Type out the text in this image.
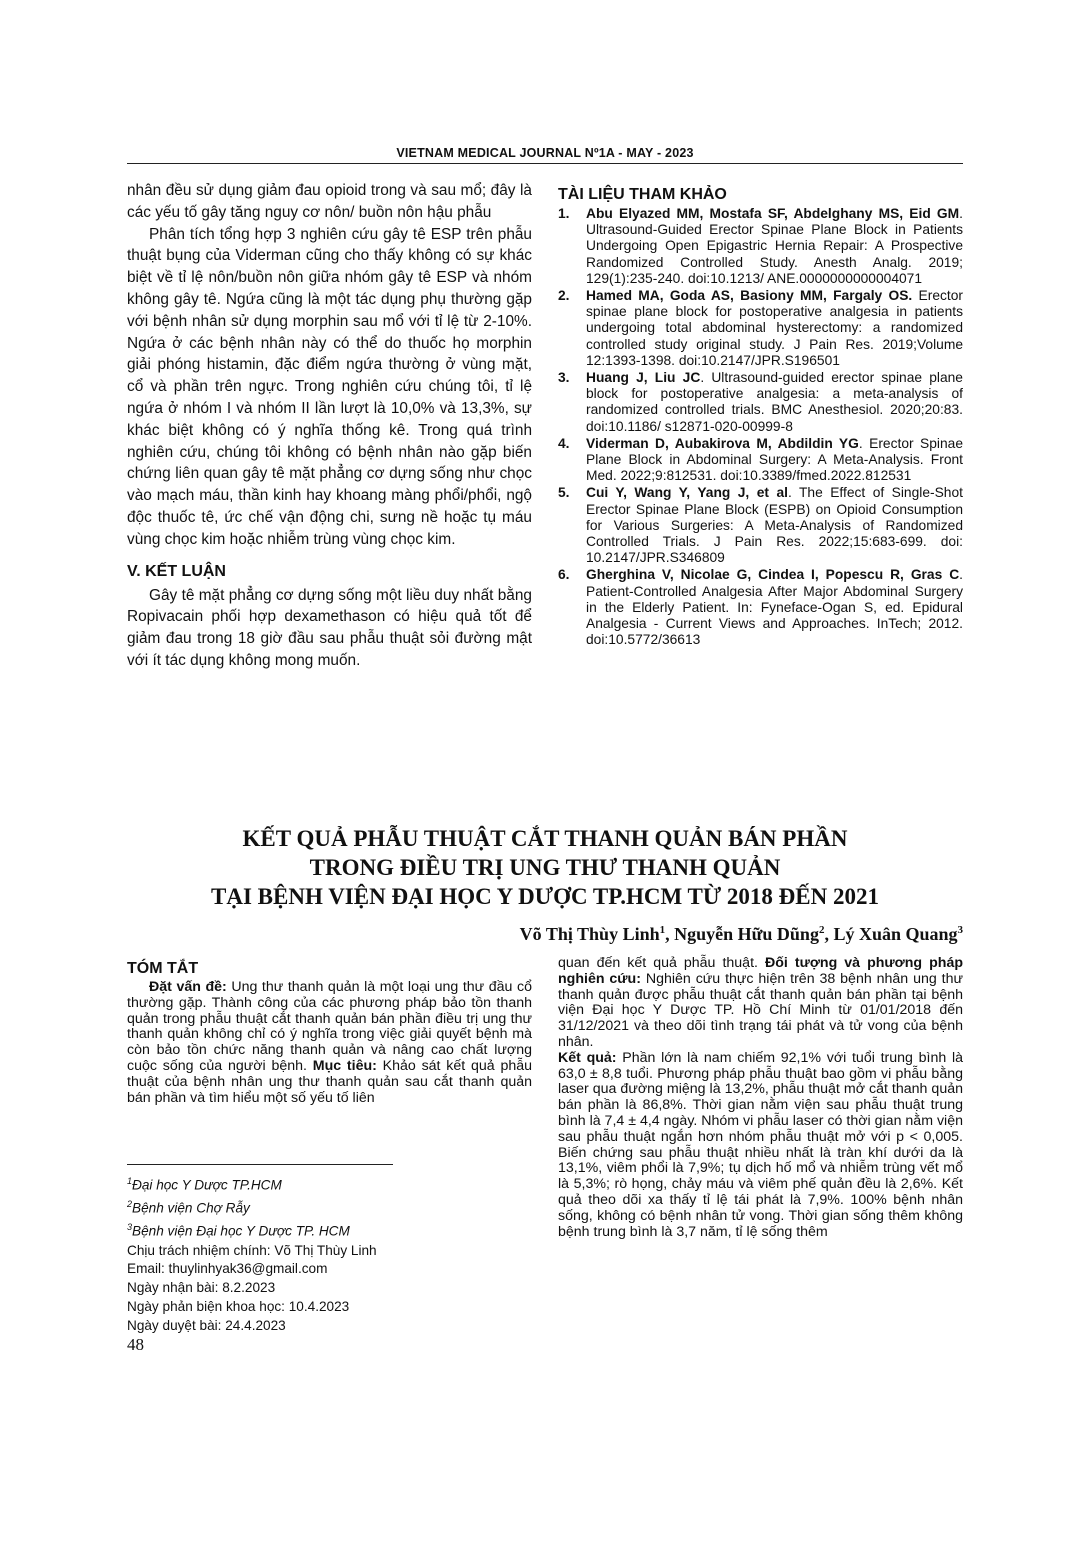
VIETNAM MEDICAL JOURNAL Nº1A - MAY - 2023

nhân đều sử dụng giảm đau opioid trong và sau mổ; đây là các yếu tố gây tăng nguy cơ nôn/ buồn nôn hậu phẫu

Phân tích tổng hợp 3 nghiên cứu gây tê ESP trên phẫu thuật bụng của Viderman cũng cho thấy không có sự khác biệt về tỉ lệ nôn/buồn nôn giữa nhóm gây tê ESP và nhóm không gây tê. Ngứa cũng là một tác dụng phụ thường gặp với bệnh nhân sử dụng morphin sau mổ với tỉ lệ từ 2-10%. Ngứa ở các bệnh nhân này có thể do thuốc họ morphin giải phóng histamin, đặc điểm ngứa thường ở vùng mặt, cổ và phần trên ngực. Trong nghiên cứu chúng tôi, tỉ lệ ngứa ở nhóm I và nhóm II lần lượt là 10,0% và 13,3%, sự khác biệt không có ý nghĩa thống kê. Trong quá trình nghiên cứu, chúng tôi không có bệnh nhân nào gặp biến chứng liên quan gây tê mặt phẳng cơ dựng sống như chọc vào mạch máu, thần kinh hay khoang màng phổi/phổi, ngộ độc thuốc tê, ức chế vận động chi, sưng nề hoặc tụ máu vùng chọc kim hoặc nhiễm trùng vùng chọc kim.

V. KẾT LUẬN

Gây tê mặt phẳng cơ dựng sống một liều duy nhất bằng Ropivacain phối hợp dexamethason có hiệu quả tốt để giảm đau trong 18 giờ đầu sau phẫu thuật sỏi đường mật với ít tác dụng không mong muốn.

TÀI LIỆU THAM KHẢO
1.	Abu Elyazed MM, Mostafa SF, Abdelghany MS, Eid GM. Ultrasound-Guided Erector Spinae Plane Block in Patients Undergoing Open Epigastric Hernia Repair: A Prospective Randomized Controlled Study. Anesth Analg. 2019; 129(1):235-240. doi:10.1213/ ANE.0000000000004071
2.	Hamed MA, Goda AS, Basiony MM, Fargaly OS. Erector spinae plane block for postoperative analgesia in patients undergoing total abdominal hysterectomy: a randomized controlled study original study. J Pain Res. 2019;Volume 12:1393-1398. doi:10.2147/JPR.S196501
3.	Huang J, Liu JC. Ultrasound-guided erector spinae plane block for postoperative analgesia: a meta-analysis of randomized controlled trials. BMC Anesthesiol. 2020;20:83. doi:10.1186/ s12871-020-00999-8
4.	Viderman D, Aubakirova M, Abdildin YG. Erector Spinae Plane Block in Abdominal Surgery: A Meta-Analysis. Front Med. 2022;9:812531. doi:10.3389/fmed.2022.812531
5.	Cui Y, Wang Y, Yang J, et al. The Effect of Single-Shot Erector Spinae Plane Block (ESPB) on Opioid Consumption for Various Surgeries: A Meta-Analysis of Randomized Controlled Trials. J Pain Res. 2022;15:683-699. doi: 10.2147/JPR.S346809
6.	Gherghina V, Nicolae G, Cindea I, Popescu R, Gras C. Patient-Controlled Analgesia After Major Abdominal Surgery in the Elderly Patient. In: Fyneface-Ogan S, ed. Epidural Analgesia - Current Views and Approaches. InTech; 2012. doi:10.5772/36613
KẾT QUẢ PHẪU THUẬT CẮT THANH QUẢN BÁN PHẦN
TRONG ĐIỀU TRỊ UNG THƯ THANH QUẢN
TẠI BỆNH VIỆN ĐẠI HỌC Y DƯỢC TP.HCM TỪ 2018 ĐẾN 2021
Võ Thị Thùy Linh$^1$, Nguyễn Hữu Dũng$^2$, Lý Xuân Quang$^3$
TÓM TẮT

Đặt vấn đề: Ung thư thanh quản là một loại ung thư đầu cổ thường gặp. Thành công của các phương pháp bảo tồn thanh quản trong phẫu thuật cắt thanh quản bán phần điều trị ung thư thanh quản không chỉ có ý nghĩa trong việc giải quyết bệnh mà còn bảo tồn chức năng thanh quản và nâng cao chất lượng cuộc sống của người bệnh. Mục tiêu: Khảo sát kết quả phẫu thuật của bệnh nhân ung thư thanh quản sau cắt thanh quản bán phần và tìm hiểu một số yếu tố liên

quan đến kết quả phẫu thuật. Đối tượng và phương pháp nghiên cứu: Nghiên cứu thực hiện trên 38 bệnh nhân ung thư thanh quản được phẫu thuật cắt thanh quản bán phần tại bệnh viện Đại học Y Dược TP. Hồ Chí Minh từ 01/01/2018 đến 31/12/2021 và theo dõi tình trạng tái phát và tử vong của bệnh nhân.

Kết quả: Phần lớn là nam chiếm 92,1% với tuổi trung bình là 63,0 ± 8,8 tuổi. Phương pháp phẫu thuật bao gồm vi phẫu bằng laser qua đường miệng là 13,2%, phẫu thuật mở cắt thanh quản bán phần là 86,8%. Thời gian nằm viện sau phẫu thuật trung bình là 7,4 ± 4,4 ngày. Nhóm vi phẫu laser có thời gian nằm viện sau phẫu thuật ngắn hơn nhóm phẫu thuật mở với p < 0,005. Biến chứng sau phẫu thuật nhiều nhất là tràn khí dưới da là 13,1%, viêm phổi là 7,9%; tụ dịch hố mổ và nhiễm trùng vết mổ là 5,3%; rò họng, chảy máu và viêm phế quản đều là 2,6%. Kết quả theo dõi xa thấy tỉ lệ tái phát là 7,9%. 100% bệnh nhân sống, không có bệnh nhân tử vong. Thời gian sống thêm không bệnh trung bình là 3,7 năm, tỉ lệ sống thêm

$^1$Đại học Y Dược TP.HCM
$^2$Bệnh viện Chợ Rẫy
$^3$Bệnh viện Đại học Y Dược TP. HCM
Chịu trách nhiệm chính: Võ Thị Thùy Linh
Email: thuylinhyak36@gmail.com
Ngày nhận bài: 8.2.2023
Ngày phản biện khoa học: 10.4.2023
Ngày duyệt bài: 24.4.2023
48
